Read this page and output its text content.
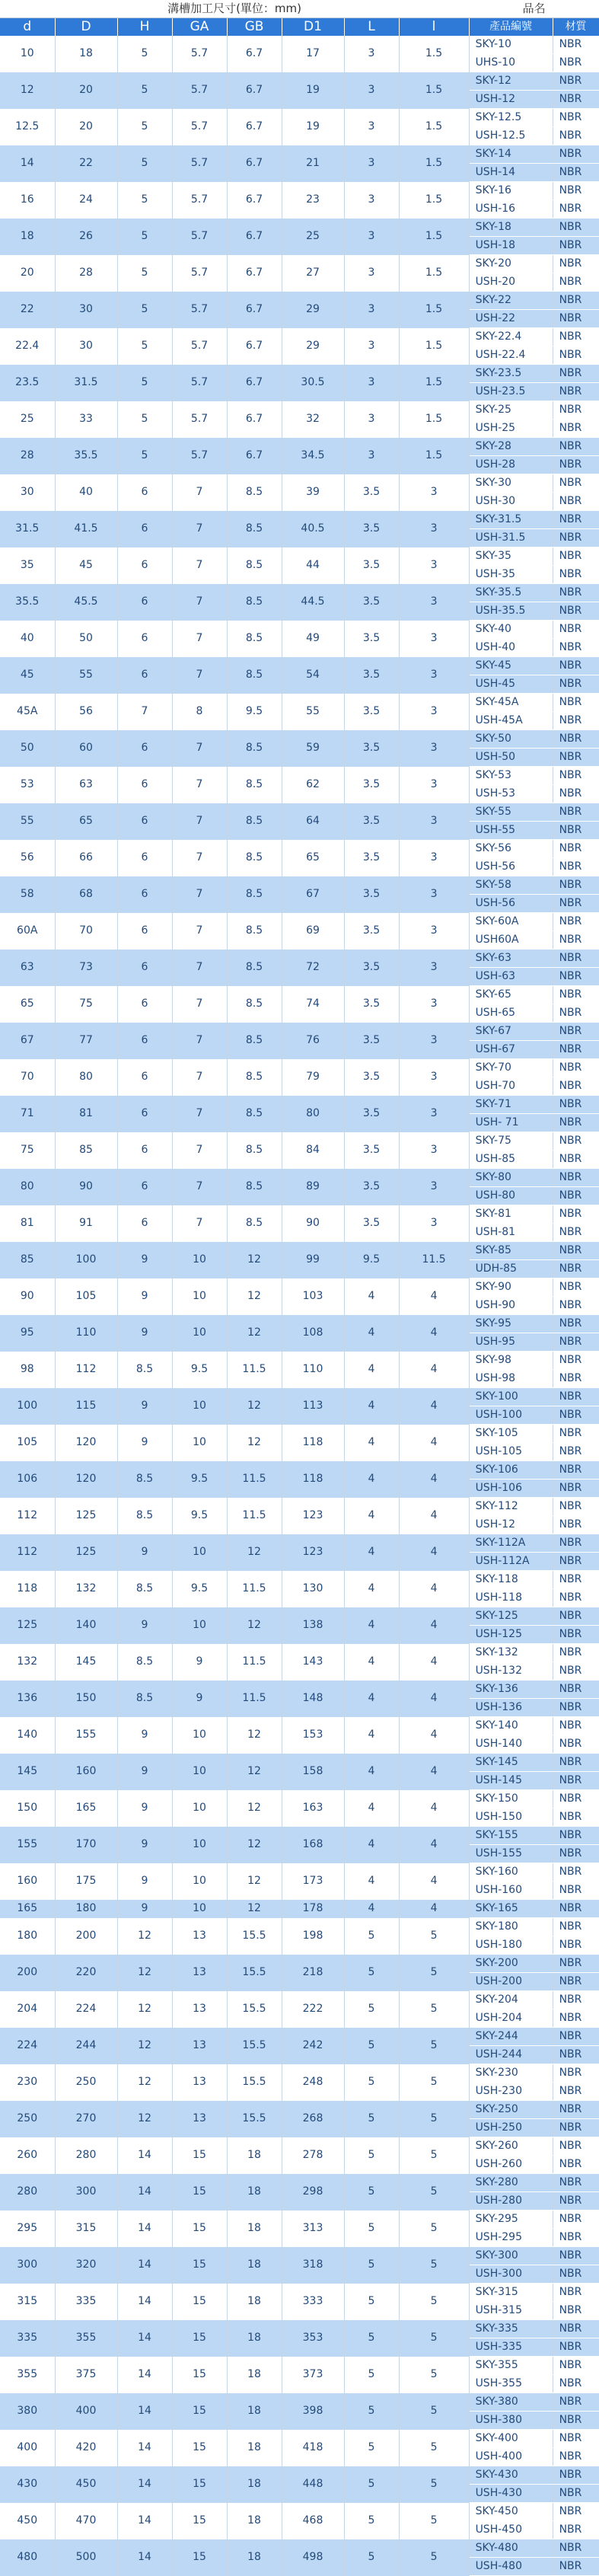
溝槽加工尺寸(單位：mm)								品名	
d	D	H	GA	GB	D1	L	l	產品編號	材質
10	18	5	5.7	6.7	17	3	1.5	SKY-10	NBR
								UHS-10	NBR
12	20	5	5.7	6.7	19	3	1.5	SKY-12	NBR
								USH-12	NBR
12.5	20	5	5.7	6.7	19	3	1.5	SKY-12.5	NBR
								USH-12.5	NBR
14	22	5	5.7	6.7	21	3	1.5	SKY-14	NBR
								USH-14	NBR
16	24	5	5.7	6.7	23	3	1.5	SKY-16	NBR
								USH-16	NBR
18	26	5	5.7	6.7	25	3	1.5	SKY-18	NBR
								USH-18	NBR
20	28	5	5.7	6.7	27	3	1.5	SKY-20	NBR
								USH-20	NBR
22	30	5	5.7	6.7	29	3	1.5	SKY-22	NBR
								USH-22	NBR
22.4	30	5	5.7	6.7	29	3	1.5	SKY-22.4	NBR
								USH-22.4	NBR
23.5	31.5	5	5.7	6.7	30.5	3	1.5	SKY-23.5	NBR
								USH-23.5	NBR
25	33	5	5.7	6.7	32	3	1.5	SKY-25	NBR
								USH-25	NBR
28	35.5	5	5.7	6.7	34.5	3	1.5	SKY-28	NBR
								USH-28	NBR
30	40	6	7	8.5	39	3.5	3	SKY-30	NBR
								USH-30	NBR
31.5	41.5	6	7	8.5	40.5	3.5	3	SKY-31.5	NBR
								USH-31.5	NBR
35	45	6	7	8.5	44	3.5	3	SKY-35	NBR
								USH-35	NBR
35.5	45.5	6	7	8.5	44.5	3.5	3	SKY-35.5	NBR
								USH-35.5	NBR
40	50	6	7	8.5	49	3.5	3	SKY-40	NBR
								USH-40	NBR
45	55	6	7	8.5	54	3.5	3	SKY-45	NBR
								USH-45	NBR
45A	56	7	8	9.5	55	3.5	3	SKY-45A	NBR
								USH-45A	NBR
50	60	6	7	8.5	59	3.5	3	SKY-50	NBR
								USH-50	NBR
53	63	6	7	8.5	62	3.5	3	SKY-53	NBR
								USH-53	NBR
55	65	6	7	8.5	64	3.5	3	SKY-55	NBR
								USH-55	NBR
56	66	6	7	8.5	65	3.5	3	SKY-56	NBR
								USH-56	NBR
58	68	6	7	8.5	67	3.5	3	SKY-58	NBR
								USH-56	NBR
60A	70	6	7	8.5	69	3.5	3	SKY-60A	NBR
								USH60A	NBR
63	73	6	7	8.5	72	3.5	3	SKY-63	NBR
								USH-63	NBR
65	75	6	7	8.5	74	3.5	3	SKY-65	NBR
								USH-65	NBR
67	77	6	7	8.5	76	3.5	3	SKY-67	NBR
								USH-67	NBR
70	80	6	7	8.5	79	3.5	3	SKY-70	NBR
								USH-70	NBR
71	81	6	7	8.5	80	3.5	3	SKY-71	NBR
								USH- 71	NBR
75	85	6	7	8.5	84	3.5	3	SKY-75	NBR
								USH-85	NBR
80	90	6	7	8.5	89	3.5	3	SKY-80	NBR
								USH-80	NBR
81	91	6	7	8.5	90	3.5	3	SKY-81	NBR
								USH-81	NBR
85	100	9	10	12	99	9.5	11.5	SKY-85	NBR
								UDH-85	NBR
90	105	9	10	12	103	4	4	SKY-90	NBR
								USH-90	NBR
95	110	9	10	12	108	4	4	SKY-95	NBR
								USH-95	NBR
98	112	8.5	9.5	11.5	110	4	4	SKY-98	NBR
								USH-98	NBR
100	115	9	10	12	113	4	4	SKY-100	NBR
								USH-100	NBR
105	120	9	10	12	118	4	4	SKY-105	NBR
								USH-105	NBR
106	120	8.5	9.5	11.5	118	4	4	SKY-106	NBR
								USH-106	NBR
112	125	8.5	9.5	11.5	123	4	4	SKY-112	NBR
								USH-12	NBR
112	125	9	10	12	123	4	4	SKY-112A	NBR
								USH-112A	NBR
118	132	8.5	9.5	11.5	130	4	4	SKY-118	NBR
								USH-118	NBR
125	140	9	10	12	138	4	4	SKY-125	NBR
								USH-125	NBR
132	145	8.5	9	11.5	143	4	4	SKY-132	NBR
								USH-132	NBR
136	150	8.5	9	11.5	148	4	4	SKY-136	NBR
								USH-136	NBR
140	155	9	10	12	153	4	4	SKY-140	NBR
								USH-140	NBR
145	160	9	10	12	158	4	4	SKY-145	NBR
								USH-145	NBR
150	165	9	10	12	163	4	4	SKY-150	NBR
								USH-150	NBR
155	170	9	10	12	168	4	4	SKY-155	NBR
								USH-155	NBR
160	175	9	10	12	173	4	4	SKY-160	NBR
								USH-160	NBR
165	180	9	10	12	178	4	4	SKY-165	NBR
180	200	12	13	15.5	198	5	5	SKY-180	NBR
								USH-180	NBR
200	220	12	13	15.5	218	5	5	SKY-200	NBR
								USH-200	NBR
204	224	12	13	15.5	222	5	5	SKY-204	NBR
								USH-204	NBR
224	244	12	13	15.5	242	5	5	SKY-244	NBR
								USH-244	NBR
230	250	12	13	15.5	248	5	5	SKY-230	NBR
								USH-230	NBR
250	270	12	13	15.5	268	5	5	SKY-250	NBR
								USH-250	NBR
260	280	14	15	18	278	5	5	SKY-260	NBR
								USH-260	NBR
280	300	14	15	18	298	5	5	SKY-280	NBR
								USH-280	NBR
295	315	14	15	18	313	5	5	SKY-295	NBR
								USH-295	NBR
300	320	14	15	18	318	5	5	SKY-300	NBR
								USH-300	NBR
315	335	14	15	18	333	5	5	SKY-315	NBR
								USH-315	NBR
335	355	14	15	18	353	5	5	SKY-335	NBR
								USH-335	NBR
355	375	14	15	18	373	5	5	SKY-355	NBR
								USH-355	NBR
380	400	14	15	18	398	5	5	SKY-380	NBR
								USH-380	NBR
400	420	14	15	18	418	5	5	SKY-400	NBR
								USH-400	NBR
430	450	14	15	18	448	5	5	SKY-430	NBR
								USH-430	NBR
450	470	14	15	18	468	5	5	SKY-450	NBR
								USH-450	NBR
480	500	14	15	18	498	5	5	SKY-480	NBR
								USH-480	NBR
